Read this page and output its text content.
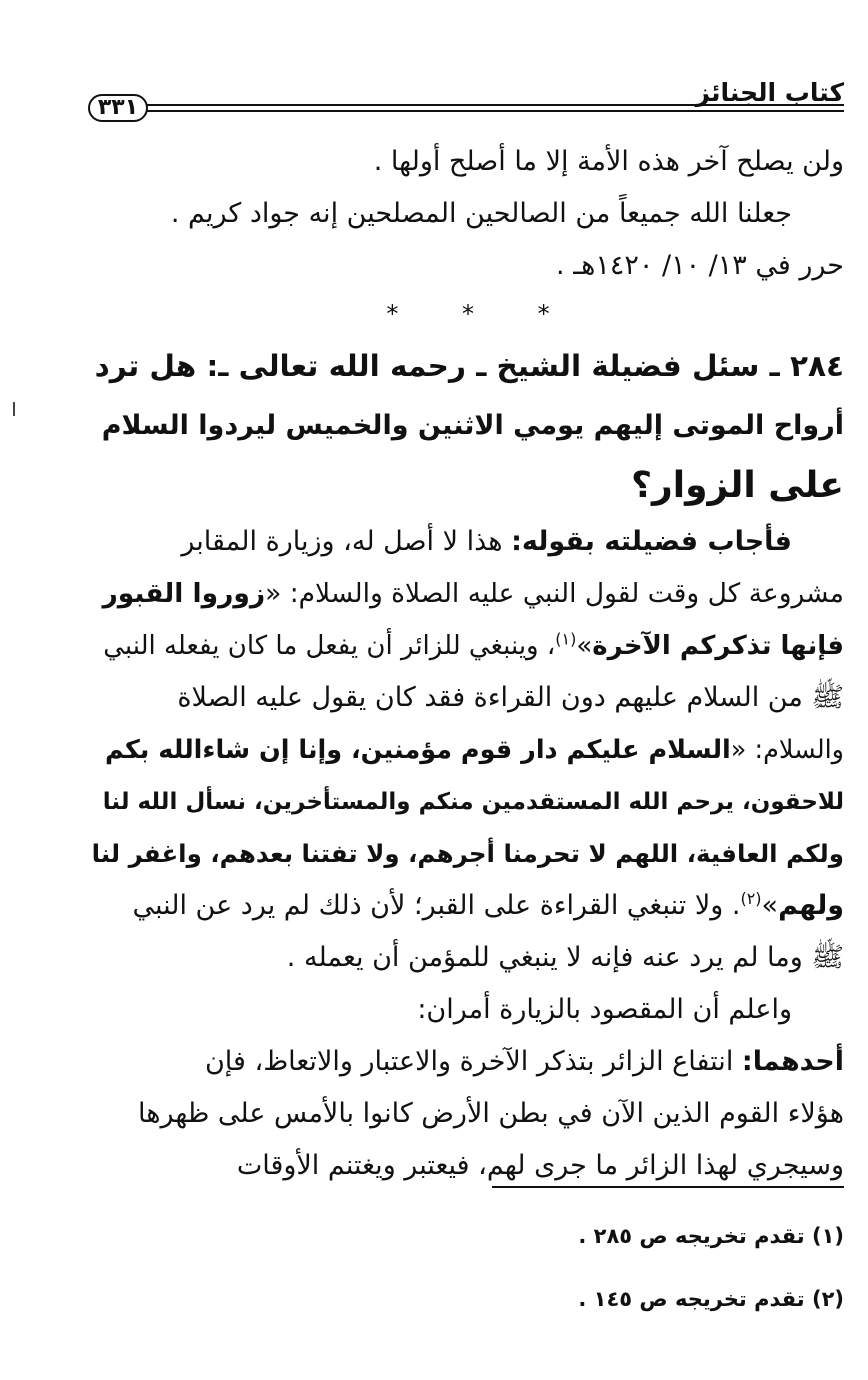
كتاب الجنائز
٣٣١

ولن يصلح آخر هذه الأمة إلا ما أصلح أولها .

جعلنا الله جميعاً من الصالحين المصلحين إنه جواد كريم .

حرر في ١٣/ ١٠/ ١٤٢٠هـ .

* * *

٢٨٤ ـ سئل فضيلة الشيخ ـ رحمه الله تعالى ـ: هل ترد

أرواح الموتى إليهم يومي الاثنين والخميس ليردوا السلام

على الزوار؟

فأجاب فضيلته بقوله: هذا لا أصل له، وزيارة المقابر

مشروعة كل وقت لقول النبي عليه الصلاة والسلام: «زوروا القبور

فإنها تذكركم الآخرة»$^{(١)}$، وينبغي للزائر أن يفعل ما كان يفعله النبي

ﷺ من السلام عليهم دون القراءة فقد كان يقول عليه الصلاة

والسلام: «السلام عليكم دار قوم مؤمنين، وإنا إن شاءالله بكم

للاحقون، يرحم الله المستقدمين منكم والمستأخرين، نسأل الله لنا

ولكم العافية، اللهم لا تحرمنا أجرهم، ولا تفتنا بعدهم، واغفر لنا

ولهم»$^{(٢)}$. ولا تنبغي القراءة على القبر؛ لأن ذلك لم يرد عن النبي

ﷺ وما لم يرد عنه فإنه لا ينبغي للمؤمن أن يعمله .

واعلم أن المقصود بالزيارة أمران:

أحدهما: انتفاع الزائر بتذكر الآخرة والاعتبار والاتعاظ، فإن

هؤلاء القوم الذين الآن في بطن الأرض كانوا بالأمس على ظهرها

وسيجري لهذا الزائر ما جرى لهم، فيعتبر ويغتنم الأوقات

(١) تقدم تخريجه ص ٢٨٥ .

(٢) تقدم تخريجه ص ١٤٥ .
